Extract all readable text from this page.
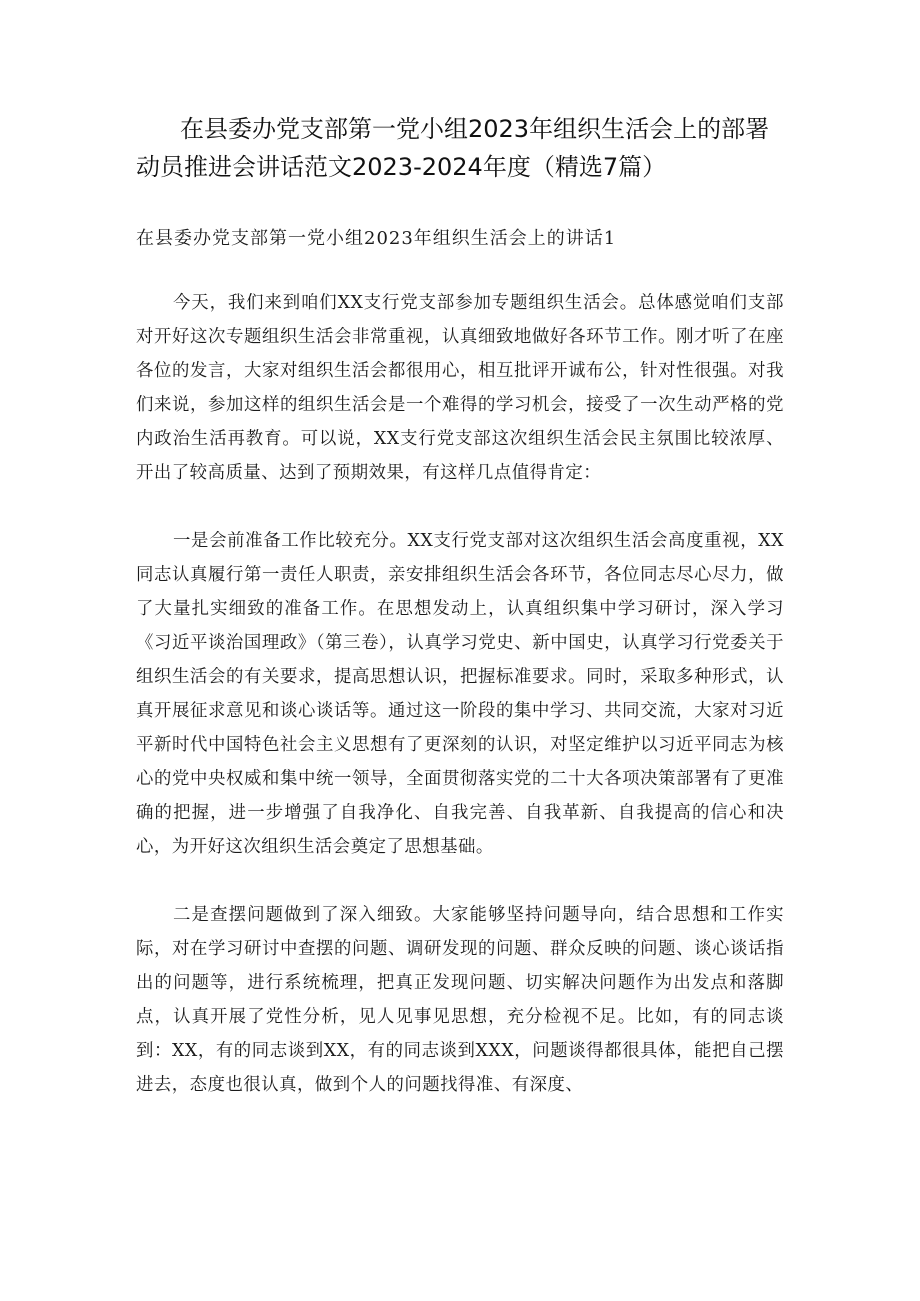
在县委办党支部第一党小组2023年组织生活会上的部署动员推进会讲话范文2023-2024年度（精选7篇）
在县委办党支部第一党小组2023年组织生活会上的讲话1

今天，我们来到咱们XX支行党支部参加专题组织生活会。总体感觉咱们支部对开好这次专题组织生活会非常重视，认真细致地做好各环节工作。刚才听了在座各位的发言，大家对组织生活会都很用心，相互批评开诚布公，针对性很强。对我们来说，参加这样的组织生活会是一个难得的学习机会，接受了一次生动严格的党内政治生活再教育。可以说，XX支行党支部这次组织生活会民主氛围比较浓厚、开出了较高质量、达到了预期效果，有这样几点值得肯定：

一是会前准备工作比较充分。XX支行党支部对这次组织生活会高度重视，XX同志认真履行第一责任人职责，亲安排组织生活会各环节，各位同志尽心尽力，做了大量扎实细致的准备工作。在思想发动上，认真组织集中学习研讨，深入学习《习近平谈治国理政》（第三卷），认真学习党史、新中国史，认真学习行党委关于组织生活会的有关要求，提高思想认识，把握标准要求。同时，采取多种形式，认真开展征求意见和谈心谈话等。通过这一阶段的集中学习、共同交流，大家对习近平新时代中国特色社会主义思想有了更深刻的认识，对坚定维护以习近平同志为核心的党中央权威和集中统一领导，全面贯彻落实党的二十大各项决策部署有了更准确的把握，进一步增强了自我净化、自我完善、自我革新、自我提高的信心和决心，为开好这次组织生活会奠定了思想基础。

二是查摆问题做到了深入细致。大家能够坚持问题导向，结合思想和工作实际，对在学习研讨中查摆的问题、调研发现的问题、群众反映的问题、谈心谈话指出的问题等，进行系统梳理，把真正发现问题、切实解决问题作为出发点和落脚点，认真开展了党性分析，见人见事见思想，充分检视不足。比如，有的同志谈到：XX，有的同志谈到XX，有的同志谈到XXX，问题谈得都很具体，能把自己摆进去，态度也很认真，做到个人的问题找得准、有深度、
